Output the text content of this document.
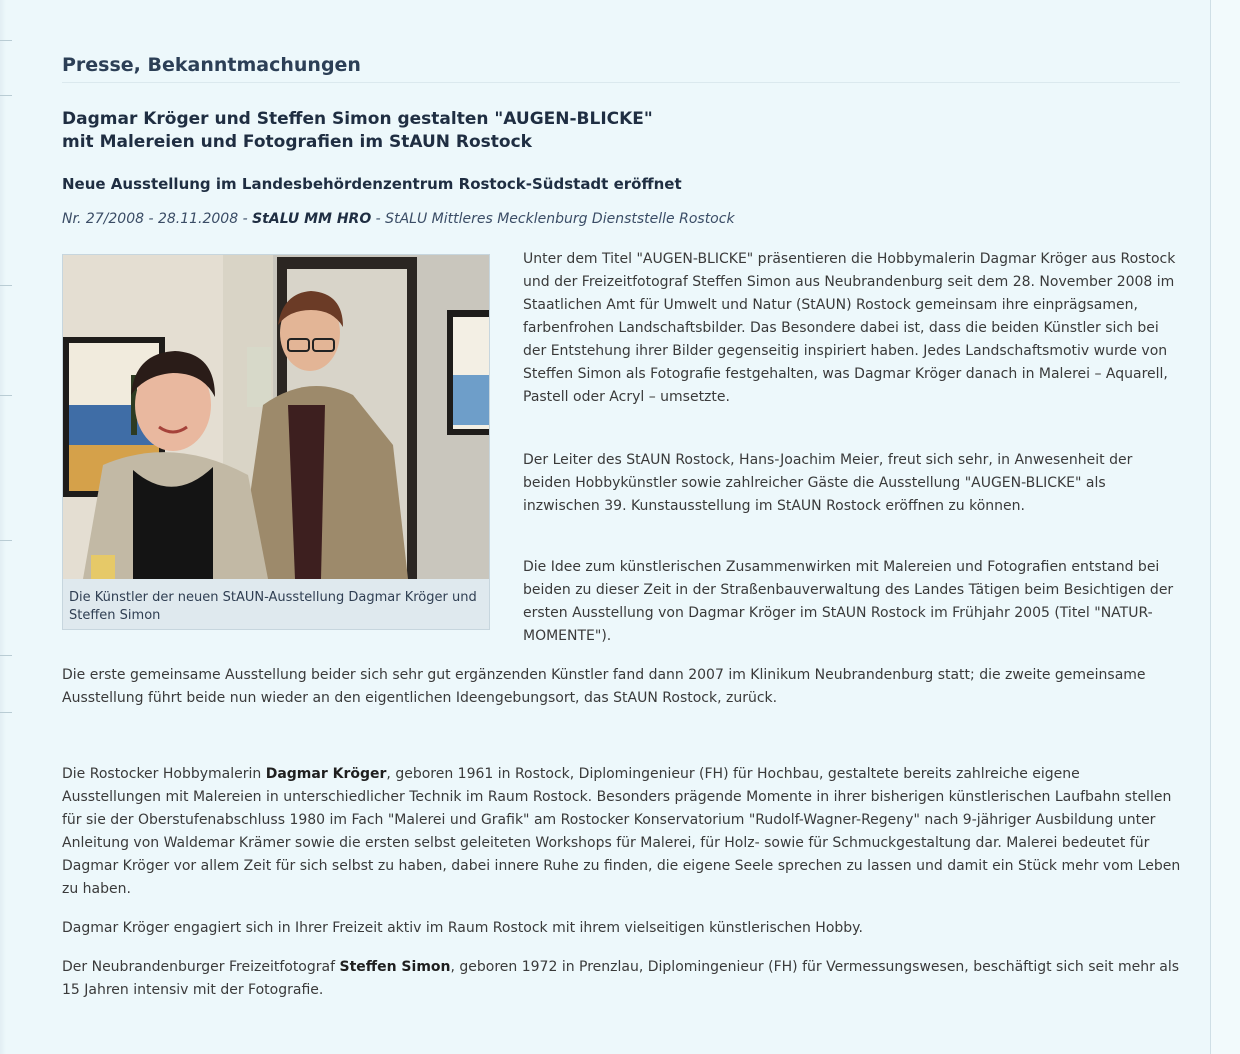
Presse, Bekanntmachungen
Dagmar Kröger und Steffen Simon gestalten "AUGEN-BLICKE"
mit Malereien und Fotografien im StAUN Rostock
Neue Ausstellung im Landesbehördenzentrum Rostock-Südstadt eröffnet
Nr. 27/2008 - 28.11.2008 - StALU MM HRO - StALU Mittleres Mecklenburg Dienststelle Rostock
Die Künstler der neuen StAUN-Ausstellung Dagmar Kröger und Steffen Simon

Unter dem Titel "AUGEN-BLICKE" präsentieren die Hobbymalerin Dagmar Kröger aus Rostock und der Freizeitfotograf Steffen Simon aus Neubrandenburg seit dem 28. November 2008 im Staatlichen Amt für Umwelt und Natur (StAUN) Rostock gemeinsam ihre einprägsamen, farbenfrohen Landschaftsbilder. Das Besondere dabei ist, dass die beiden Künstler sich bei der Entstehung ihrer Bilder gegenseitig inspiriert haben. Jedes Landschaftsmotiv wurde von Steffen Simon als Fotografie festgehalten, was Dagmar Kröger danach in Malerei – Aquarell, Pastell oder Acryl – umsetzte.

Der Leiter des StAUN Rostock, Hans-Joachim Meier, freut sich sehr, in Anwesenheit der beiden Hobbykünstler sowie zahlreicher Gäste die Ausstellung "AUGEN-BLICKE" als inzwischen 39. Kunstausstellung im StAUN Rostock eröffnen zu können.

Die Idee zum künstlerischen Zusammenwirken mit Malereien und Fotografien entstand bei beiden zu dieser Zeit in der Straßenbauverwaltung des Landes Tätigen beim Besichtigen der ersten Ausstellung von Dagmar Kröger im StAUN Rostock im Frühjahr 2005 (Titel "NATUR-MOMENTE").

Die erste gemeinsame Ausstellung beider sich sehr gut ergänzenden Künstler fand dann 2007 im Klinikum Neubrandenburg statt; die zweite gemeinsame Ausstellung führt beide nun wieder an den eigentlichen Ideengebungsort, das StAUN Rostock, zurück.

Die Rostocker Hobbymalerin Dagmar Kröger, geboren 1961 in Rostock, Diplomingenieur (FH) für Hochbau, gestaltete bereits zahlreiche eigene Ausstellungen mit Malereien in unterschiedlicher Technik im Raum Rostock. Besonders prägende Momente in ihrer bisherigen künstlerischen Laufbahn stellen für sie der Oberstufenabschluss 1980 im Fach "Malerei und Grafik" am Rostocker Konservatorium "Rudolf-Wagner-Regeny" nach 9-jähriger Ausbildung unter Anleitung von Waldemar Krämer sowie die ersten selbst geleiteten Workshops für Malerei, für Holz- sowie für Schmuckgestaltung dar. Malerei bedeutet für Dagmar Kröger vor allem Zeit für sich selbst zu haben, dabei innere Ruhe zu finden, die eigene Seele sprechen zu lassen und damit ein Stück mehr vom Leben zu haben.

Dagmar Kröger engagiert sich in Ihrer Freizeit aktiv im Raum Rostock mit ihrem vielseitigen künstlerischen Hobby.

Der Neubrandenburger Freizeitfotograf Steffen Simon, geboren 1972 in Prenzlau, Diplomingenieur (FH) für Vermessungswesen, beschäftigt sich seit mehr als 15 Jahren intensiv mit der Fotografie.
